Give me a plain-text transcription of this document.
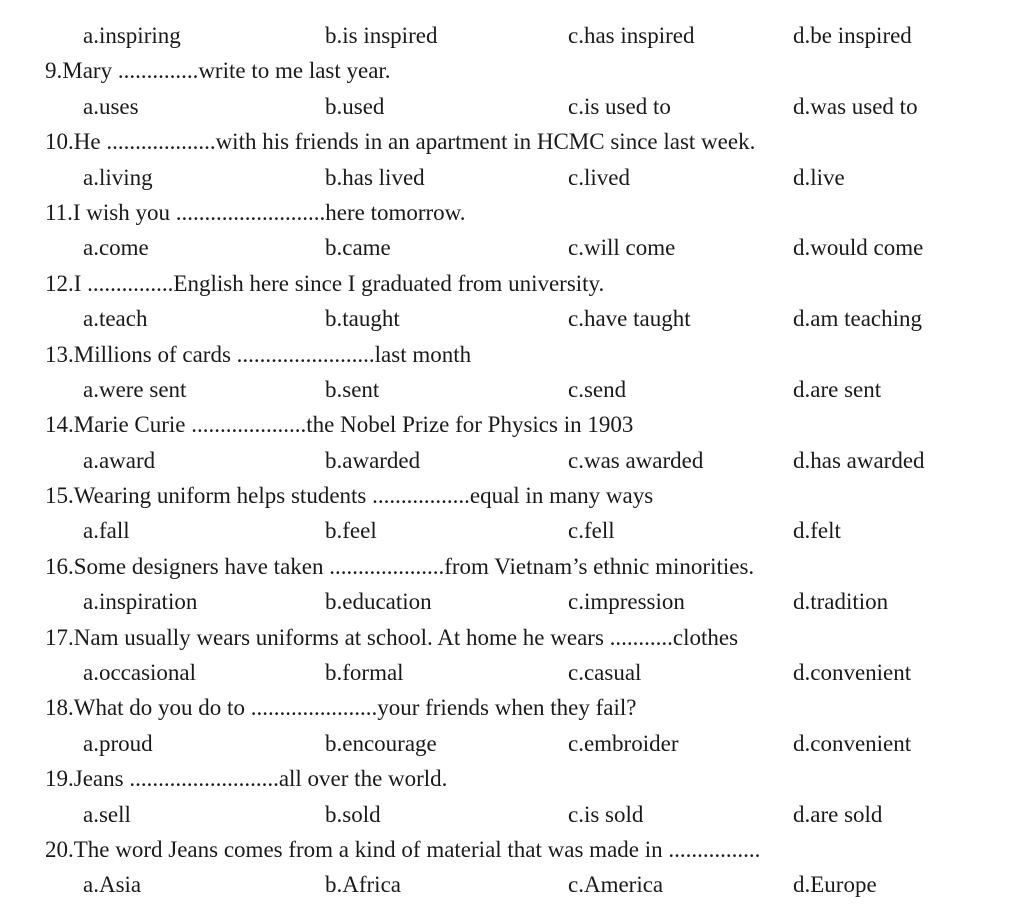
a.inspiring	b.is inspired	c.has inspired	d.be inspired
9.Mary ..............write to me last year.
a.uses	b.used	c.is used to	d.was used to
10.He ...................with his friends in an apartment in HCMC since last week.
a.living	b.has lived	c.lived	d.live
11.I wish you ..........................here tomorrow.
a.come	b.came	c.will come	d.would come
12.I ...............English here since I graduated from university.
a.teach	b.taught	c.have taught	d.am teaching
13.Millions of cards ........................last month
a.were sent	b.sent	c.send	d.are sent
14.Marie Curie ....................the Nobel Prize for Physics in 1903
a.award	b.awarded	c.was awarded	d.has awarded
15.Wearing uniform helps students .................equal in many ways
a.fall	b.feel	c.fell	d.felt
16.Some designers have taken ....................from Vietnam’s ethnic minorities.
a.inspiration	b.education	c.impression	d.tradition
17.Nam usually wears uniforms at school. At home he wears ...........clothes
a.occasional	b.formal	c.casual	d.convenient
18.What do you do to ......................your friends when they fail?
a.proud	b.encourage	c.embroider	d.convenient
19.Jeans ..........................all over the world.
a.sell	b.sold	c.is sold	d.are sold
20.The word Jeans comes from a kind of material that was made in ................
a.Asia	b.Africa	c.America	d.Europe
